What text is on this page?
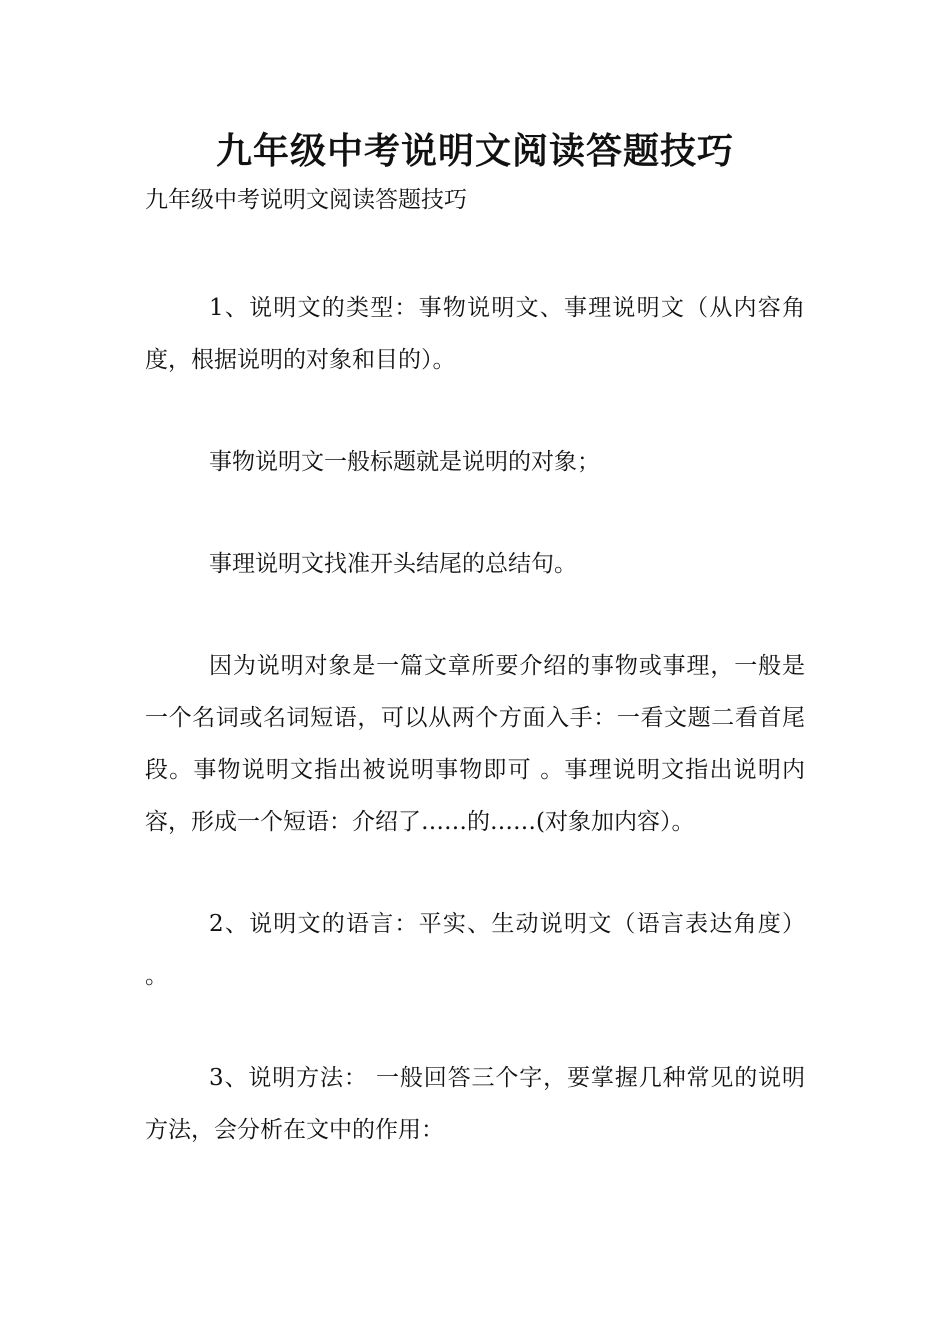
九年级中考说明文阅读答题技巧

九年级中考说明文阅读答题技巧

1、说明文的类型：事物说明文、事理说明文（从内容角度，根据说明的对象和目的）。

事物说明文一般标题就是说明的对象；

事理说明文找准开头结尾的总结句。

因为说明对象是一篇文章所要介绍的事物或事理，一般是一个名词或名词短语，可以从两个方面入手：一看文题二看首尾段。事物说明文指出被说明事物即可 。事理说明文指出说明内容，形成一个短语：介绍了……的……(对象加内容）。

2、说明文的语言：平实、生动说明文（语言表达角度） 。

3、说明方法： 一般回答三个字，要掌握几种常见的说明方法，会分析在文中的作用：
